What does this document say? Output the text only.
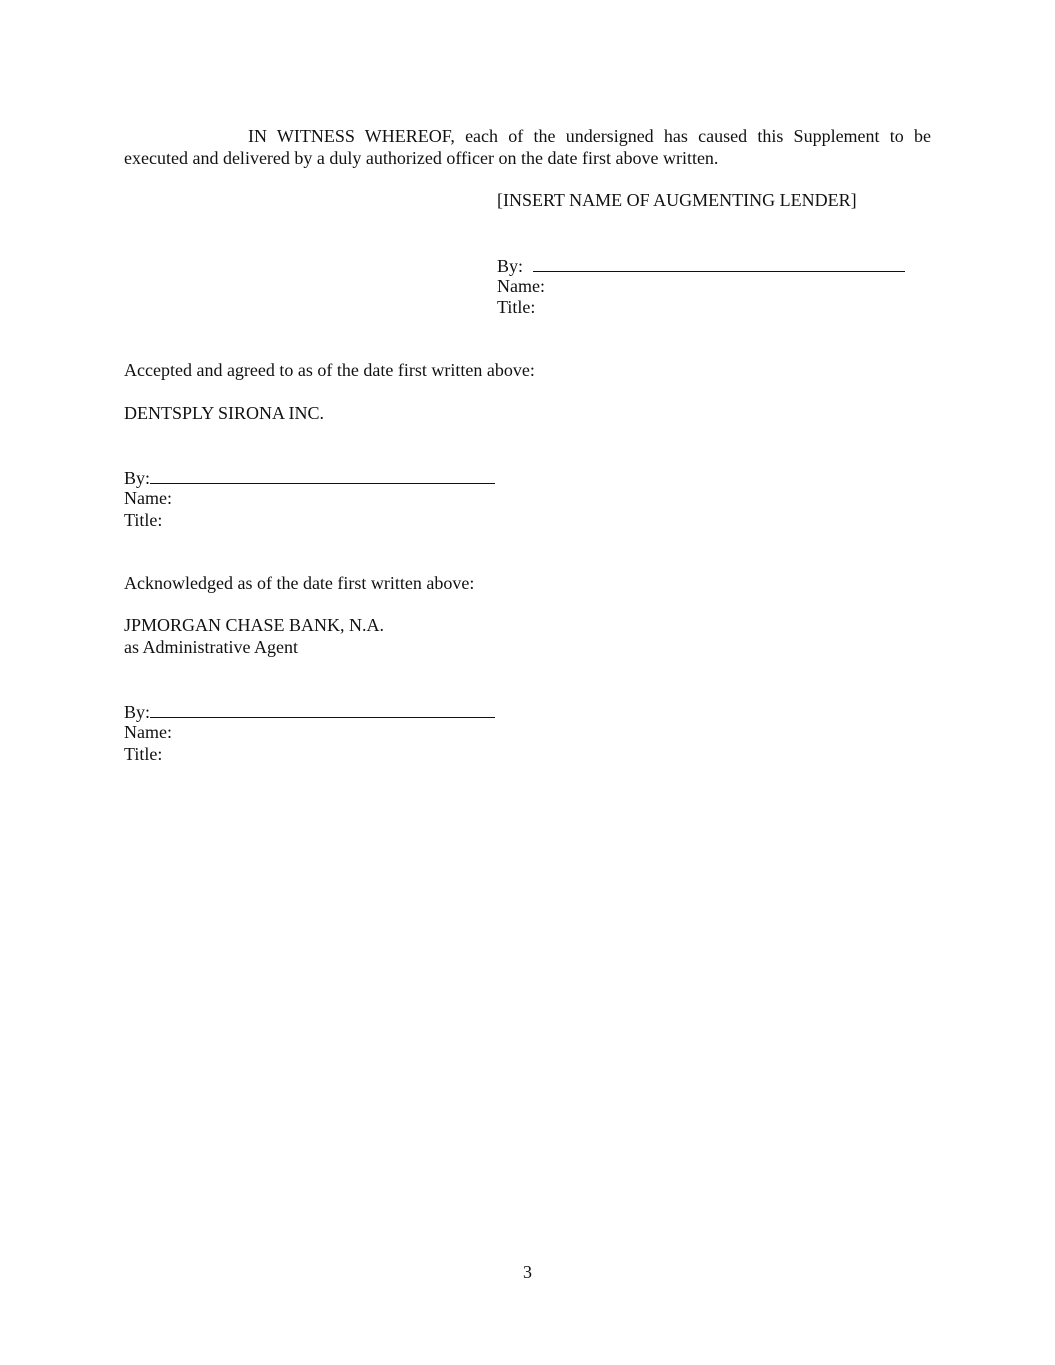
IN WITNESS WHEREOF, each of the undersigned has caused this Supplement to be
executed and delivered by a duly authorized officer on the date first above written.
[INSERT NAME OF AUGMENTING LENDER]
By:
Name:
Title:
Accepted and agreed to as of the date first written above:
DENTSPLY SIRONA INC.
By:
Name:
Title:
Acknowledged as of the date first written above:
JPMORGAN CHASE BANK, N.A.
as Administrative Agent
By:
Name:
Title:
3
